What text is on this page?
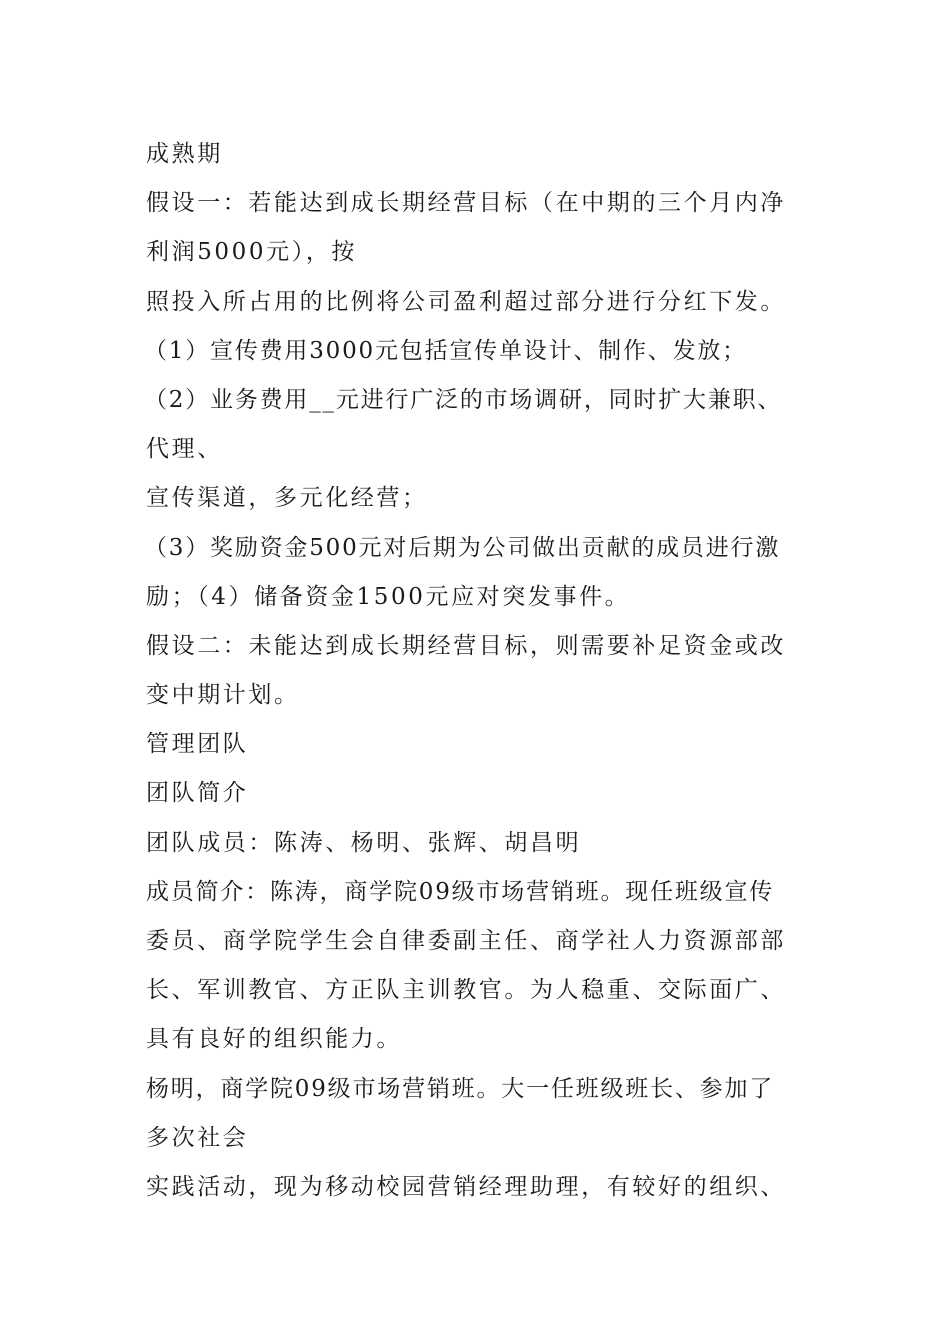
成熟期
假设一：若能达到成长期经营目标（在中期的三个月内净
利润5000元），按
照投入所占用的比例将公司盈利超过部分进行分红下发。
（1）宣传费用3000元包括宣传单设计、制作、发放；
（2）业务费用__元进行广泛的市场调研，同时扩大兼职、
代理、
宣传渠道，多元化经营；
（3）奖励资金500元对后期为公司做出贡献的成员进行激
励；（4）储备资金1500元应对突发事件。
假设二：未能达到成长期经营目标，则需要补足资金或改
变中期计划。
管理团队
团队简介
团队成员：陈涛、杨明、张辉、胡昌明
成员简介：陈涛，商学院09级市场营销班。现任班级宣传
委员、商学院学生会自律委副主任、商学社人力资源部部
长、军训教官、方正队主训教官。为人稳重、交际面广、
具有良好的组织能力。
杨明，商学院09级市场营销班。大一任班级班长、参加了
多次社会
实践活动，现为移动校园营销经理助理，有较好的组织、
